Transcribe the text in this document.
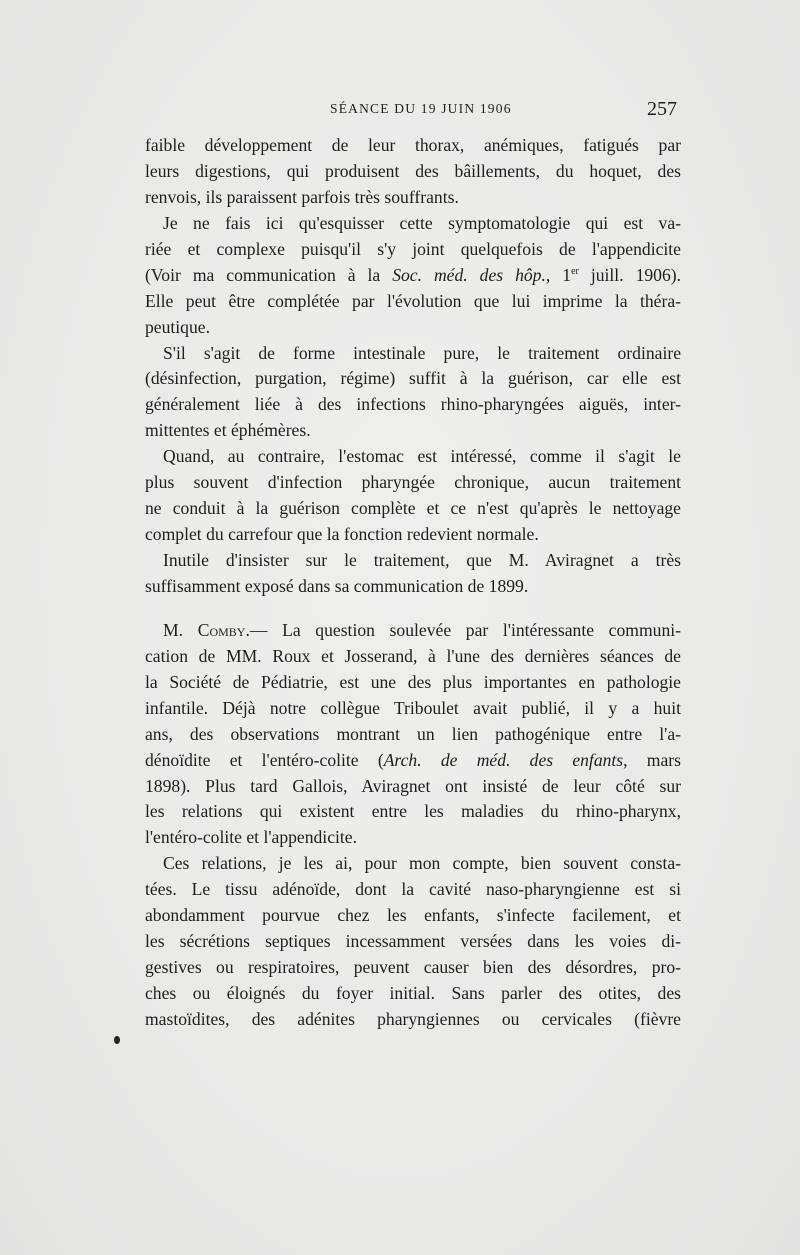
SÉANCE DU 19 JUIN 1906	257
faible développement de leur thorax, anémiques, fatigués par
leurs digestions, qui produisent des bâillements, du hoquet, des
renvois, ils paraissent parfois très souffrants.
Je ne fais ici qu'esquisser cette symptomatologie qui est va-
riée et complexe puisqu'il s'y joint quelquefois de l'appendicite
(Voir ma communication à la Soc. méd. des hôp., 1er juill. 1906).
Elle peut être complétée par l'évolution que lui imprime la théra-
peutique.
S'il s'agit de forme intestinale pure, le traitement ordinaire
(désinfection, purgation, régime) suffit à la guérison, car elle est
généralement liée à des infections rhino-pharyngées aiguës, inter-
mittentes et éphémères.
Quand, au contraire, l'estomac est intéressé, comme il s'agit le
plus souvent d'infection pharyngée chronique, aucun traitement
ne conduit à la guérison complète et ce n'est qu'après le nettoyage
complet du carrefour que la fonction redevient normale.
Inutile d'insister sur le traitement, que M. Aviragnet a très
suffisamment exposé dans sa communication de 1899.
M. Comby.— La question soulevée par l'intéressante communi-
cation de MM. Roux et Josserand, à l'une des dernières séances de
la Société de Pédiatrie, est une des plus importantes en pathologie
infantile. Déjà notre collègue Triboulet avait publié, il y a huit
ans, des observations montrant un lien pathogénique entre l'a-
dénoïdite et l'entéro-colite (Arch. de méd. des enfants, mars
1898). Plus tard Gallois, Aviragnet ont insisté de leur côté sur
les relations qui existent entre les maladies du rhino-pharynx,
l'entéro-colite et l'appendicite.
Ces relations, je les ai, pour mon compte, bien souvent consta-
tées. Le tissu adénoïde, dont la cavité naso-pharyngienne est si
abondamment pourvue chez les enfants, s'infecte facilement, et
les sécrétions septiques incessamment versées dans les voies di-
gestives ou respiratoires, peuvent causer bien des désordres, pro-
ches ou éloignés du foyer initial. Sans parler des otites, des
mastoïdites, des adénites pharyngiennes ou cervicales (fièvre
